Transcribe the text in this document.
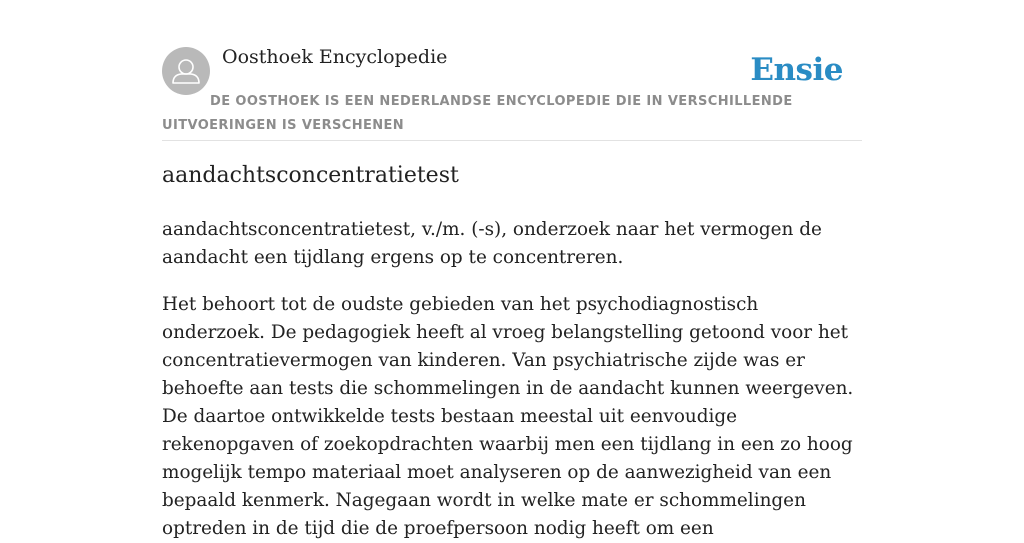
Oosthoek Encyclopedie	Ensie
DE OOSTHOEK IS EEN NEDERLANDSE ENCYCLOPEDIE DIE IN VERSCHILLENDE UITVOERINGEN IS VERSCHENEN
aandachtsconcentratietest

aandachtsconcentratietest, v./m. (-s), onderzoek naar het vermogen de aandacht een tijdlang ergens op te concentreren.

Het behoort tot de oudste gebieden van het psychodiagnostisch onderzoek. De pedagogiek heeft al vroeg belangstelling getoond voor het concentratievermogen van kinderen. Van psychiatrische zijde was er behoefte aan tests die schommelingen in de aandacht kunnen weergeven. De daartoe ontwikkelde tests bestaan meestal uit eenvoudige rekenopgaven of zoekopdrachten waarbij men een tijdlang in een zo hoog mogelijk tempo materiaal moet analyseren op de aanwezigheid van een bepaald kenmerk. Nagegaan wordt in welke mate er schommelingen optreden in de tijd die de proefpersoon nodig heeft om een
